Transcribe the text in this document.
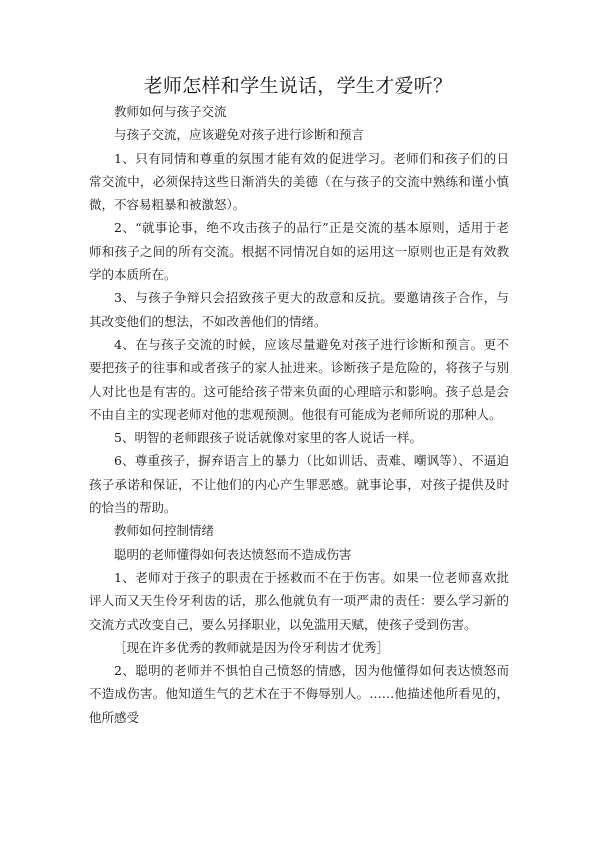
老师怎样和学生说话，学生才爱听？

教师如何与孩子交流

与孩子交流，应该避免对孩子进行诊断和预言

1、只有同情和尊重的氛围才能有效的促进学习。老师们和孩子们的日常交流中，必须保持这些日渐消失的美德（在与孩子的交流中熟练和谨小慎微，不容易粗暴和被激怒）。

2、“就事论事，绝不攻击孩子的品行”正是交流的基本原则，适用于老师和孩子之间的所有交流。根据不同情况自如的运用这一原则也正是有效教学的本质所在。

3、与孩子争辩只会招致孩子更大的敌意和反抗。要邀请孩子合作，与其改变他们的想法，不如改善他们的情绪。

4、在与孩子交流的时候，应该尽量避免对孩子进行诊断和预言。更不要把孩子的往事和或者孩子的家人扯进来。诊断孩子是危险的，将孩子与别人对比也是有害的。这可能给孩子带来负面的心理暗示和影响。孩子总是会不由自主的实现老师对他的悲观预测。他很有可能成为老师所说的那种人。

5、明智的老师跟孩子说话就像对家里的客人说话一样。

6、尊重孩子，摒弃语言上的暴力（比如训话、责难、嘲讽等）、不逼迫孩子承诺和保证，不让他们的内心产生罪恶感。就事论事，对孩子提供及时的恰当的帮助。

教师如何控制情绪

聪明的老师懂得如何表达愤怒而不造成伤害

1、老师对于孩子的职责在于拯救而不在于伤害。如果一位老师喜欢批评人而又天生伶牙利齿的话，那么他就负有一项严肃的责任：要么学习新的交流方式改变自己，要么另择职业，以免滥用天赋，使孩子受到伤害。

［现在许多优秀的教师就是因为伶牙利齿才优秀］

2、聪明的老师并不惧怕自己愤怒的情感，因为他懂得如何表达愤怒而不造成伤害。他知道生气的艺术在于不侮辱别人。……他描述他所看见的，他所感受
